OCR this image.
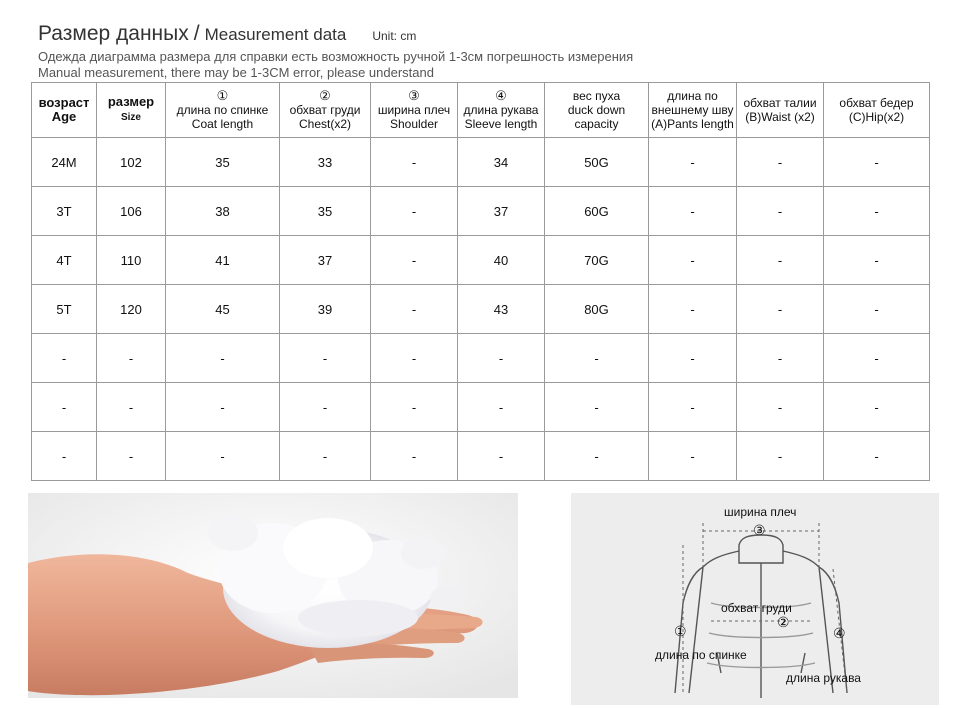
Размер данных / Measurement data Unit: cm
Одежда диаграмма размера для справки есть возможность ручной 1-3см погрешность измерения
Manual measurement, there may be 1-3CM error, please understand
возраст
Age	размер
Size	①
длина по спинке
Coat length	②
обхват груди
Chest(x2)	③
ширина плеч
Shoulder	④
длина рукава
Sleeve length	вес пуха
duck down
capacity	длина по внешнему шву
(A)Pants length	обхват талии
(B)Waist (x2)	обхват бедер
(C)Hip(x2)
24M	102	35	33	-	34	50G	-	-	-
3T	106	38	35	-	37	60G	-	-	-
4T	110	41	37	-	40	70G	-	-	-
5T	120	45	39	-	43	80G	-	-	-
-	-	-	-	-	-	-	-	-	-
-	-	-	-	-	-	-	-	-	-
-	-	-	-	-	-	-	-	-	-
ширина плеч
③
обхват груди
②
①
длина по спинке
④
длина рукава
